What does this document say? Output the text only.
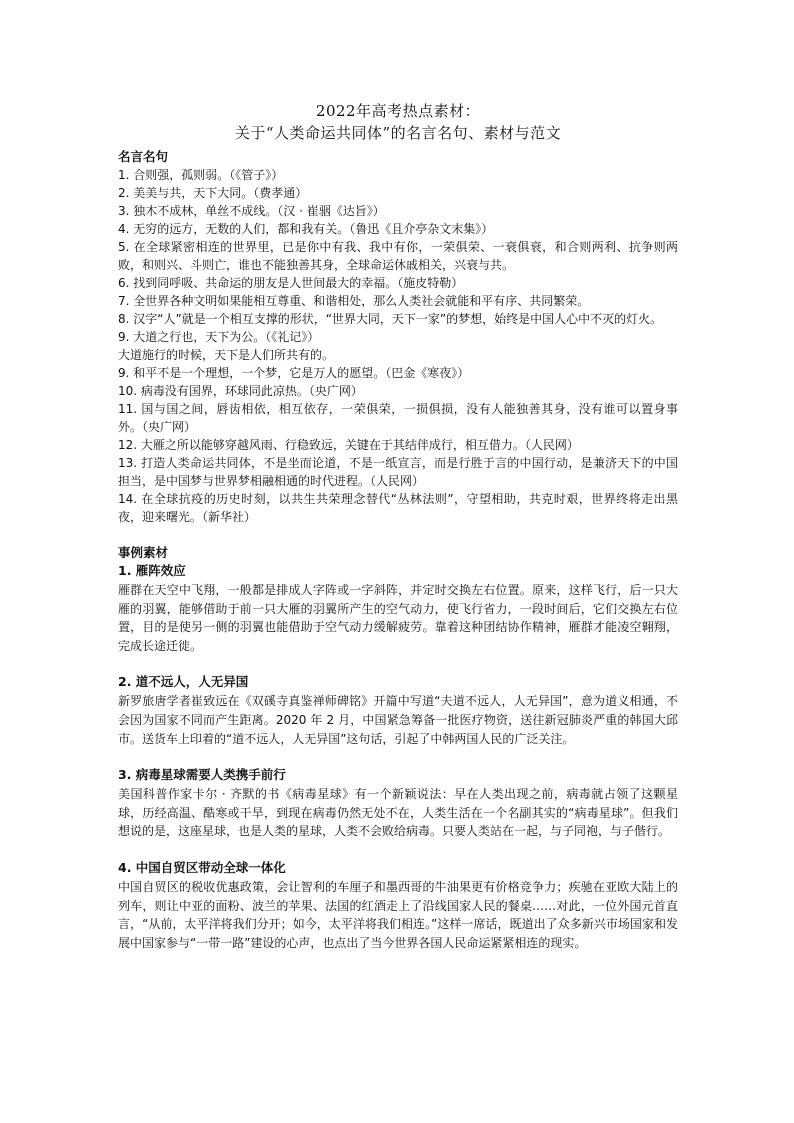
2022年高考热点素材：

关于“人类命运共同体”的名言名句、素材与范文

名言名句

1. 合则强，孤则弱。（《管子》）

2. 美美与共，天下大同。（费孝通）

3. 独木不成林，单丝不成线。（汉 · 崔骃《达旨》）

4. 无穷的远方，无数的人们，都和我有关。（鲁迅《且介亭杂文末集》）

5. 在全球紧密相连的世界里，已是你中有我、我中有你，一荣俱荣、一衰俱衰，和合则两利、抗争则两败，和则兴、斗则亡，谁也不能独善其身，全球命运休戚相关，兴衰与共。

6. 找到同呼吸、共命运的朋友是人世间最大的幸福。（施皮特勒）

7. 全世界各种文明如果能相互尊重、和谐相处，那么人类社会就能和平有序、共同繁荣。

8. 汉字“人”就是一个相互支撑的形状，“世界大同，天下一家”的梦想，始终是中国人心中不灭的灯火。

9. 大道之行也，天下为公。（《礼记》）

大道施行的时候，天下是人们所共有的。

9. 和平不是一个理想，一个梦，它是万人的愿望。（巴金《寒夜》）

10. 病毒没有国界，环球同此凉热。（央广网）

11. 国与国之间，唇齿相依，相互依存，一荣俱荣，一损俱损，没有人能独善其身，没有谁可以置身事外。（央广网）

12. 大雁之所以能够穿越风雨、行稳致远，关键在于其结伴成行，相互借力。（人民网）

13. 打造人类命运共同体，不是坐而论道，不是一纸宣言，而是行胜于言的中国行动，是兼济天下的中国担当，是中国梦与世界梦相融相通的时代进程。（人民网）

14. 在全球抗疫的历史时刻，以共生共荣理念替代“丛林法则”，守望相助，共克时艰，世界终将走出黑夜，迎来曙光。（新华社）

事例素材

1. 雁阵效应

雁群在天空中飞翔，一般都是排成人字阵或一字斜阵，并定时交换左右位置。原来，这样飞行，后一只大雁的羽翼，能够借助于前一只大雁的羽翼所产生的空气动力，使飞行省力，一段时间后，它们交换左右位置，目的是使另一侧的羽翼也能借助于空气动力缓解疲劳。靠着这种团结协作精神，雁群才能凌空翱翔，完成长途迁徙。

2. 道不远人，人无异国

新罗旅唐学者崔致远在《双磎寺真鉴禅师碑铭》开篇中写道“夫道不远人，人无异国”，意为道义相通，不会因为国家不同而产生距离。2020 年 2 月，中国紧急筹备一批医疗物资，送往新冠肺炎严重的韩国大邱市。送货车上印着的“道不远人，人无异国”这句话，引起了中韩两国人民的广泛关注。

3. 病毒星球需要人类携手前行

美国科普作家卡尔 · 齐默的书《病毒星球》有一个新颖说法：早在人类出现之前，病毒就占领了这颗星球，历经高温、酷寒或干旱，到现在病毒仍然无处不在，人类生活在一个名副其实的“病毒星球”。但我们想说的是，这座星球，也是人类的星球，人类不会败给病毒。只要人类站在一起，与子同袍，与子偕行。

4. 中国自贸区带动全球一体化

中国自贸区的税收优惠政策，会让智利的车厘子和墨西哥的牛油果更有价格竞争力；疾驰在亚欧大陆上的列车，则让中亚的面粉、波兰的苹果、法国的红酒走上了沿线国家人民的餐桌……对此，一位外国元首直言，“从前，太平洋将我们分开；如今，太平洋将我们相连。”这样一席话，既道出了众多新兴市场国家和发展中国家参与“一带一路”建设的心声，也点出了当今世界各国人民命运紧紧相连的现实。
